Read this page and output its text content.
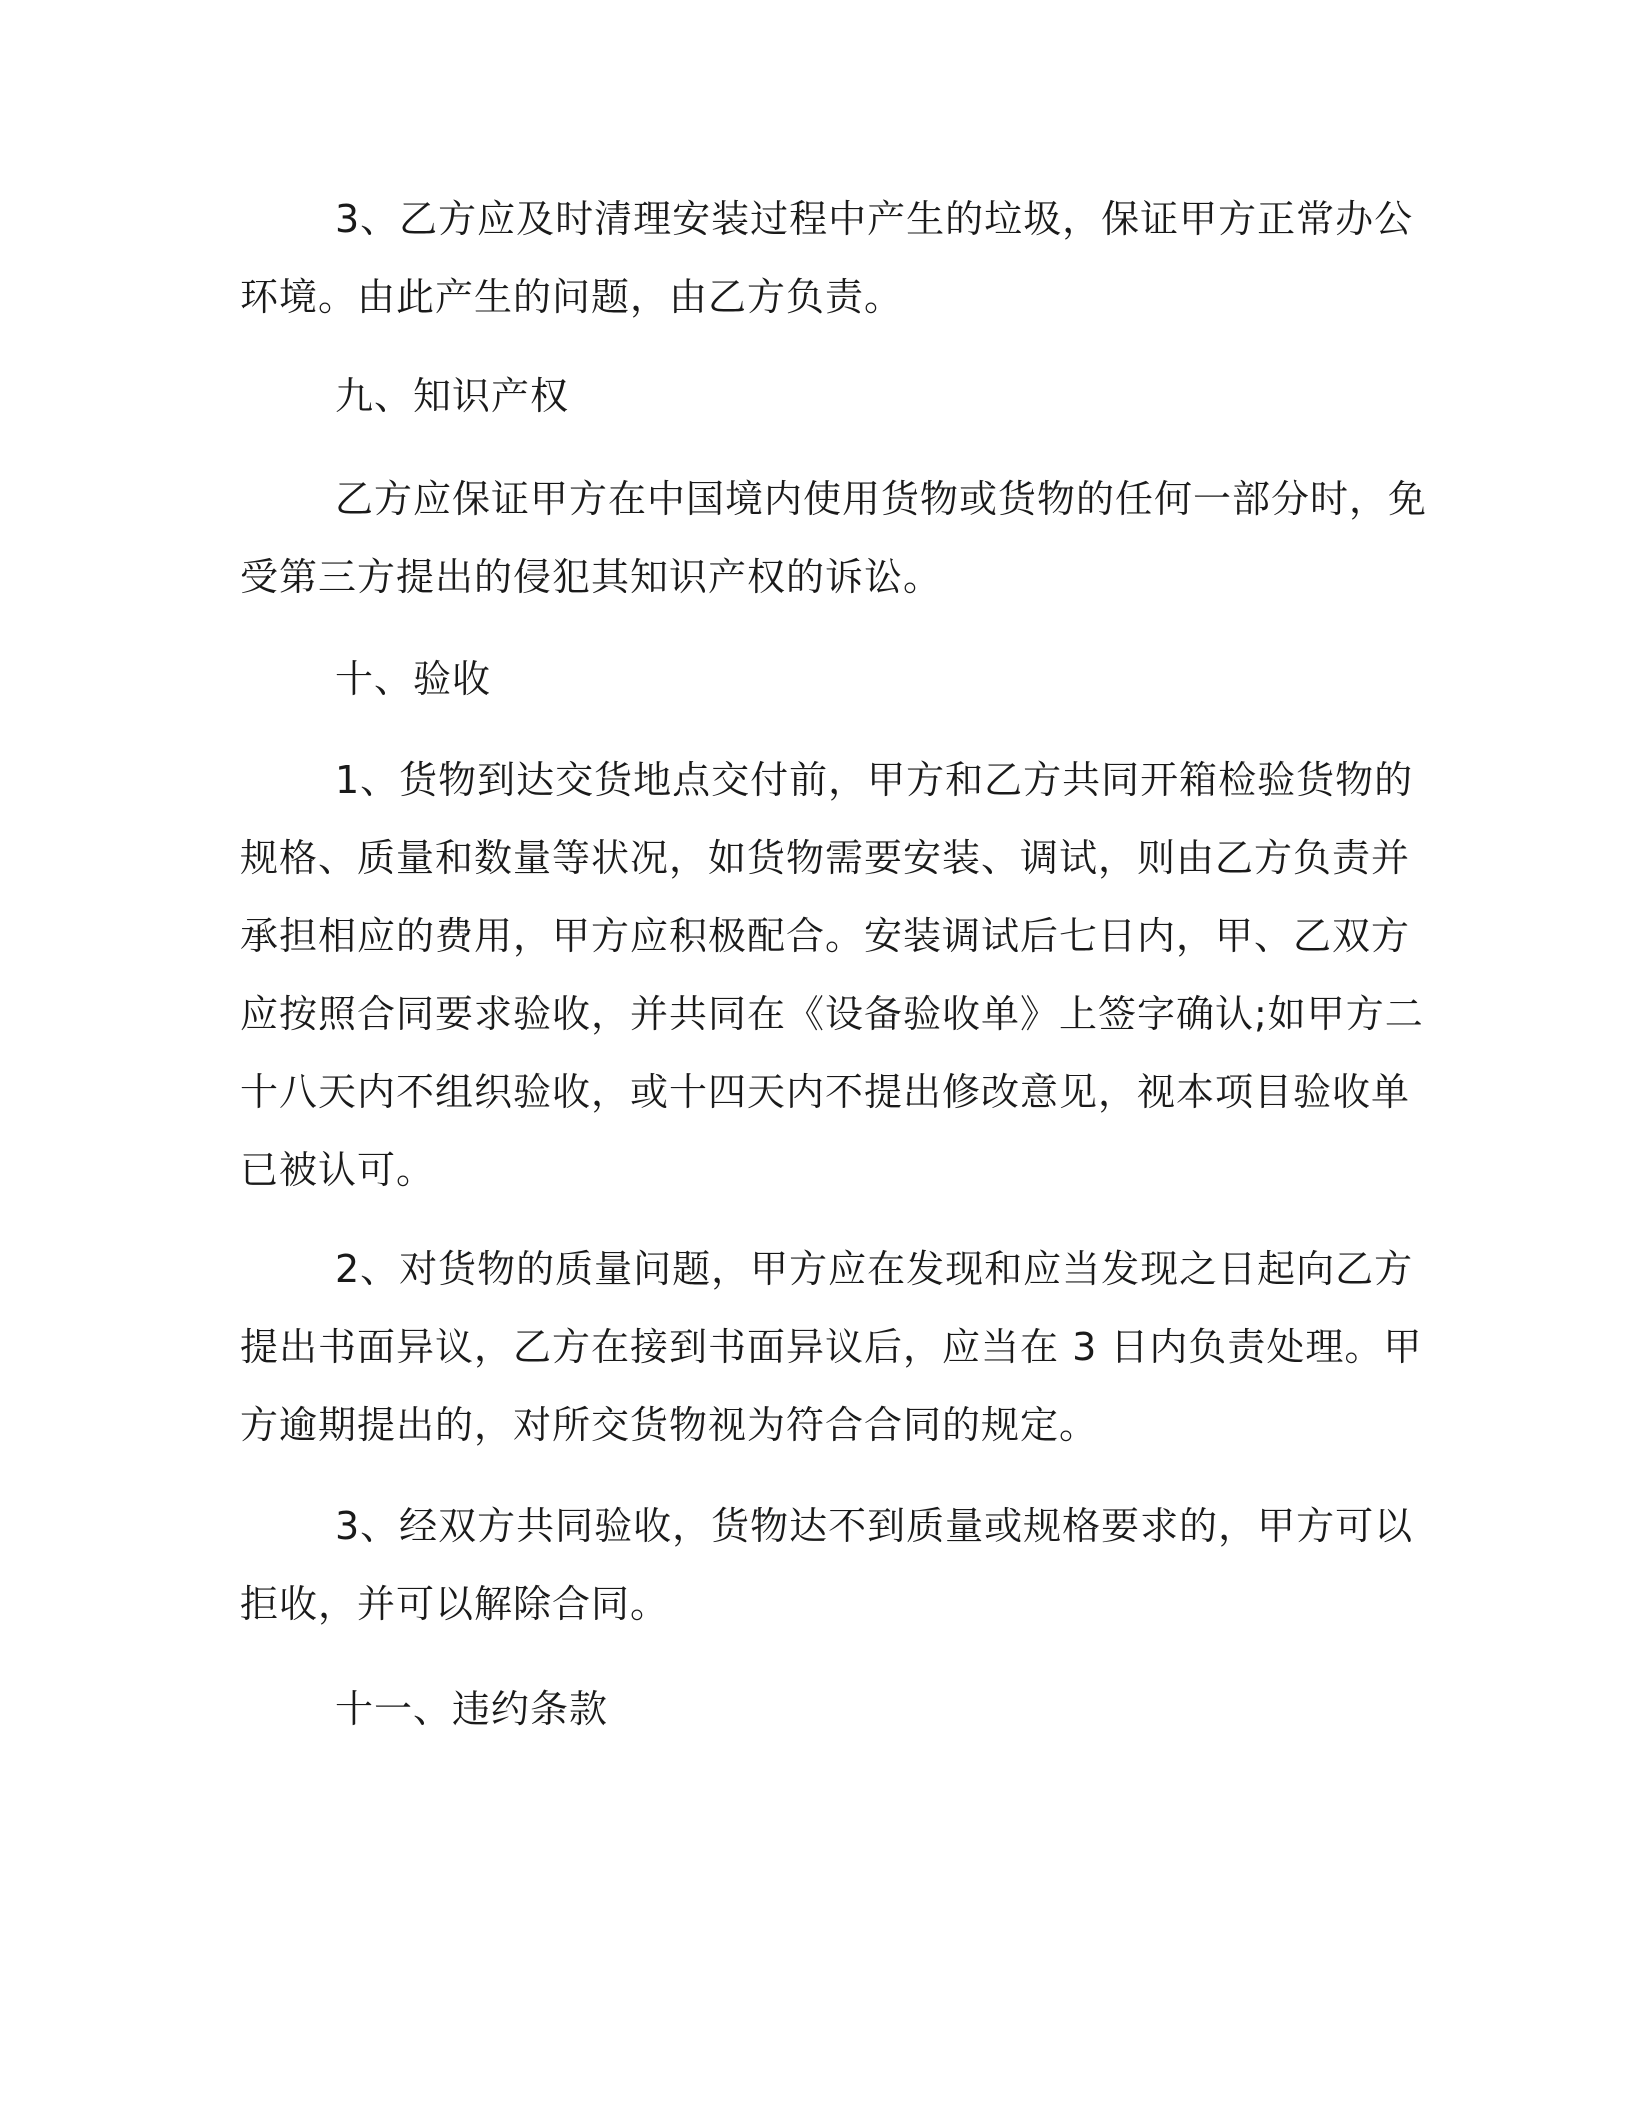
3、乙方应及时清理安装过程中产生的垃圾，保证甲方正常办公
环境。由此产生的问题，由乙方负责。

九、知识产权

乙方应保证甲方在中国境内使用货物或货物的任何一部分时，免
受第三方提出的侵犯其知识产权的诉讼。

十、验收

1、货物到达交货地点交付前，甲方和乙方共同开箱检验货物的
规格、质量和数量等状况，如货物需要安装、调试，则由乙方负责并
承担相应的费用，甲方应积极配合。安装调试后七日内，甲、乙双方
应按照合同要求验收，并共同在《设备验收单》上签字确认;如甲方二
十八天内不组织验收，或十四天内不提出修改意见，视本项目验收单
已被认可。

2、对货物的质量问题，甲方应在发现和应当发现之日起向乙方
提出书面异议，乙方在接到书面异议后，应当在 3 日内负责处理。甲
方逾期提出的，对所交货物视为符合合同的规定。

3、经双方共同验收，货物达不到质量或规格要求的，甲方可以
拒收，并可以解除合同。

十一、违约条款
